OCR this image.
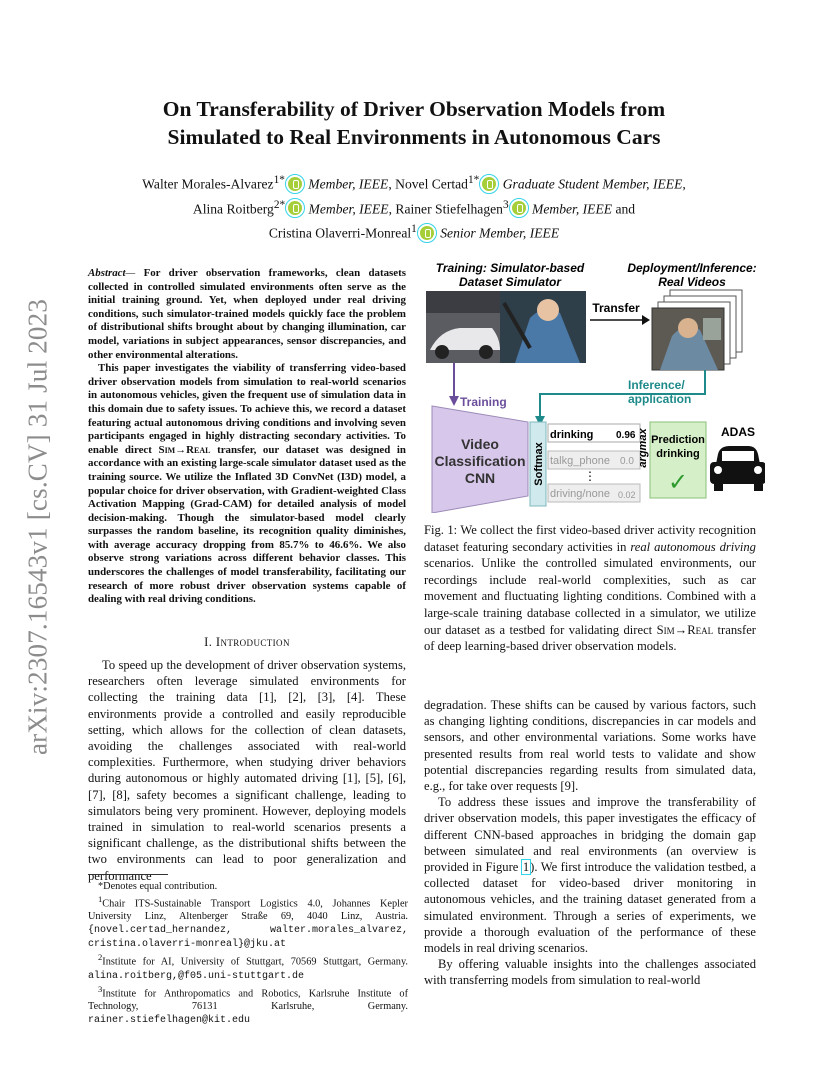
arXiv:2307.16543v1 [cs.CV] 31 Jul 2023
On Transferability of Driver Observation Models from
Simulated to Real Environments in Autonomous Cars
Walter Morales-Alvarez$^{1*}$ Member, IEEE, Novel Certad$^{1*}$ Graduate Student Member, IEEE,
Alina Roitberg$^{2*}$ Member, IEEE, Rainer Stiefelhagen$^3$ Member, IEEE and
Cristina Olaverri-Monreal$^1$ Senior Member, IEEE

Abstract— For driver observation frameworks, clean datasets collected in controlled simulated environments often serve as the initial training ground. Yet, when deployed under real driving conditions, such simulator-trained models quickly face the problem of distributional shifts brought about by changing illumination, car model, variations in subject appearances, sensor discrepancies, and other environmental alterations.

This paper investigates the viability of transferring video-based driver observation models from simulation to real-world scenarios in autonomous vehicles, given the frequent use of simulation data in this domain due to safety issues. To achieve this, we record a dataset featuring actual autonomous driving conditions and involving seven participants engaged in highly distracting secondary activities. To enable direct Sim→Real transfer, our dataset was designed in accordance with an existing large-scale simulator dataset used as the training source. We utilize the Inflated 3D ConvNet (I3D) model, a popular choice for driver observation, with Gradient-weighted Class Activation Mapping (Grad-CAM) for detailed analysis of model decision-making. Though the simulator-based model clearly surpasses the random baseline, its recognition quality diminishes, with average accuracy dropping from 85.7% to 46.6%. We also observe strong variations across different behavior classes. This underscores the challenges of model transferability, facilitating our research of more robust driver observation systems capable of dealing with real driving conditions.

I. Introduction

To speed up the development of driver observation systems, researchers often leverage simulated environments for collecting the training data [1], [2], [3], [4]. These environments provide a controlled and easily reproducible setting, which allows for the collection of clean datasets, avoiding the challenges associated with real-world complexities. Furthermore, when studying driver behaviors during autonomous or highly automated driving [1], [5], [6], [7], [8], safety becomes a significant challenge, leading to simulators being very prominent. However, deploying models trained in simulation to real-world scenarios presents a significant challenge, as the distributional shifts between the two environments can lead to poor generalization and performance

*Denotes equal contribution.

$^1$Chair ITS-Sustainable Transport Logistics 4.0, Johannes Kepler University Linz, Altenberger Straße 69, 4040 Linz, Austria. {novel.certad_hernandez, walter.morales_alvarez, cristina.olaverri-monreal}@jku.at

$^2$Institute for AI, University of Stuttgart, 70569 Stuttgart, Germany. alina.roitberg,@f05.uni-stuttgart.de

$^3$Institute for Anthropomatics and Robotics, Karlsruhe Institute of Technology, 76131 Karlsruhe, Germany. rainer.stiefelhagen@kit.edu

Training: Simulator-based
Dataset Simulator
Deployment/Inference:
Real Videos
Transfer
Training
Inference/
application
Video
Classification
CNN	Softmax
drinking 0.96
talkg_phone 0.0
⋮
driving/none 0.02
argmax Prediction
drinking
✓
ADAS
Fig. 1: We collect the first video-based driver activity recognition dataset featuring secondary activities in real autonomous driving scenarios. Unlike the controlled simulated environments, our recordings include real-world complexities, such as car movement and fluctuating lighting conditions. Combined with a large-scale training database collected in a simulator, we utilize our dataset as a testbed for validating direct Sim→Real transfer of deep learning-based driver observation models.

degradation. These shifts can be caused by various factors, such as changing lighting conditions, discrepancies in car models and sensors, and other environmental variations. Some works have presented results from real world tests to validate and show potential discrepancies regarding results from simulated data, e.g., for take over requests [9].

To address these issues and improve the transferability of driver observation models, this paper investigates the efficacy of different CNN-based approaches in bridging the domain gap between simulated and real environments (an overview is provided in Figure 1). We first introduce the validation testbed, a collected dataset for video-based driver monitoring in autonomous vehicles, and the training dataset generated from a simulated environment. Through a series of experiments, we provide a thorough evaluation of the performance of these models in real driving scenarios.

By offering valuable insights into the challenges associated with transferring models from simulation to real-world
